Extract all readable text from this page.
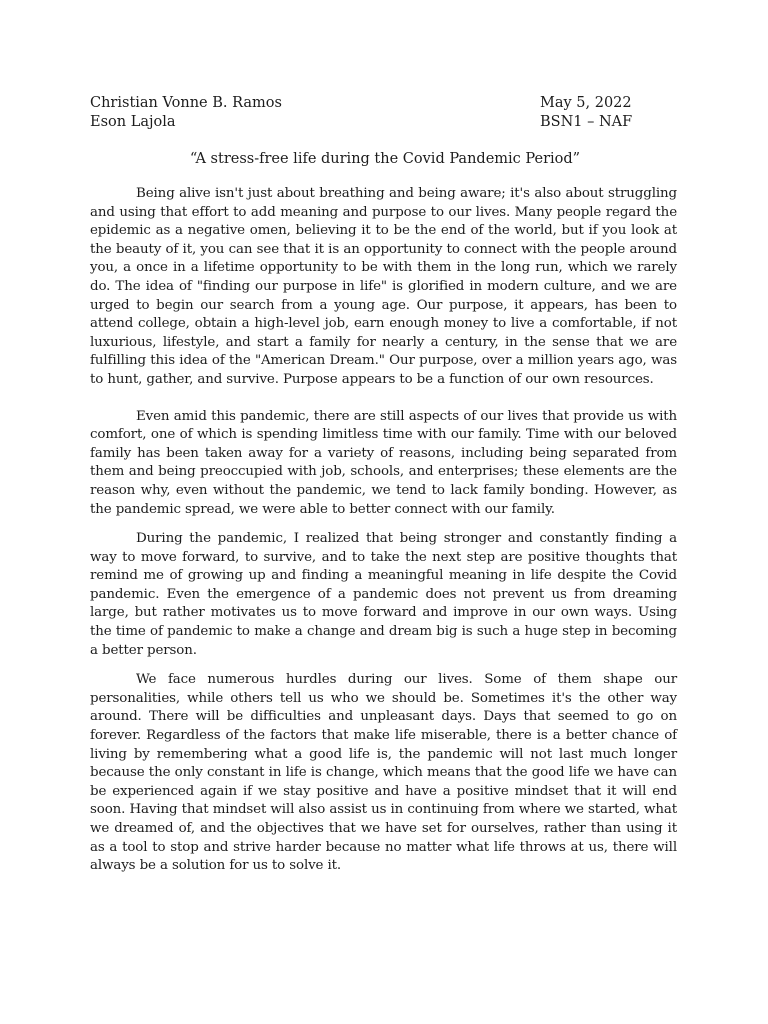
Christian Vonne B. Ramos	May 5, 2022
Eson Lajola	BSN1 – NAF
“A stress-free life during the Covid Pandemic Period”

Being alive isn't just about breathing and being aware; it's also about struggling and using that effort to add meaning and purpose to our lives. Many people regard the epidemic as a negative omen, believing it to be the end of the world, but if you look at the beauty of it, you can see that it is an opportunity to connect with the people around you, a once in a lifetime opportunity to be with them in the long run, which we rarely do. The idea of "finding our purpose in life" is glorified in modern culture, and we are urged to begin our search from a young age. Our purpose, it appears, has been to attend college, obtain a high-level job, earn enough money to live a comfortable, if not luxurious, lifestyle, and start a family for nearly a century, in the sense that we are fulfilling this idea of the "American Dream." Our purpose, over a million years ago, was to hunt, gather, and survive. Purpose appears to be a function of our own resources.

Even amid this pandemic, there are still aspects of our lives that provide us with comfort, one of which is spending limitless time with our family. Time with our beloved family has been taken away for a variety of reasons, including being separated from them and being preoccupied with job, schools, and enterprises; these elements are the reason why, even without the pandemic, we tend to lack family bonding. However, as the pandemic spread, we were able to better connect with our family.

During the pandemic, I realized that being stronger and constantly finding a way to move forward, to survive, and to take the next step are positive thoughts that remind me of growing up and finding a meaningful meaning in life despite the Covid pandemic. Even the emergence of a pandemic does not prevent us from dreaming large, but rather motivates us to move forward and improve in our own ways. Using the time of pandemic to make a change and dream big is such a huge step in becoming a better person.

We face numerous hurdles during our lives. Some of them shape our personalities, while others tell us who we should be. Sometimes it's the other way around. There will be difficulties and unpleasant days. Days that seemed to go on forever. Regardless of the factors that make life miserable, there is a better chance of living by remembering what a good life is, the pandemic will not last much longer because the only constant in life is change, which means that the good life we have can be experienced again if we stay positive and have a positive mindset that it will end soon. Having that mindset will also assist us in continuing from where we started, what we dreamed of, and the objectives that we have set for ourselves, rather than using it as a tool to stop and strive harder because no matter what life throws at us, there will always be a solution for us to solve it.
